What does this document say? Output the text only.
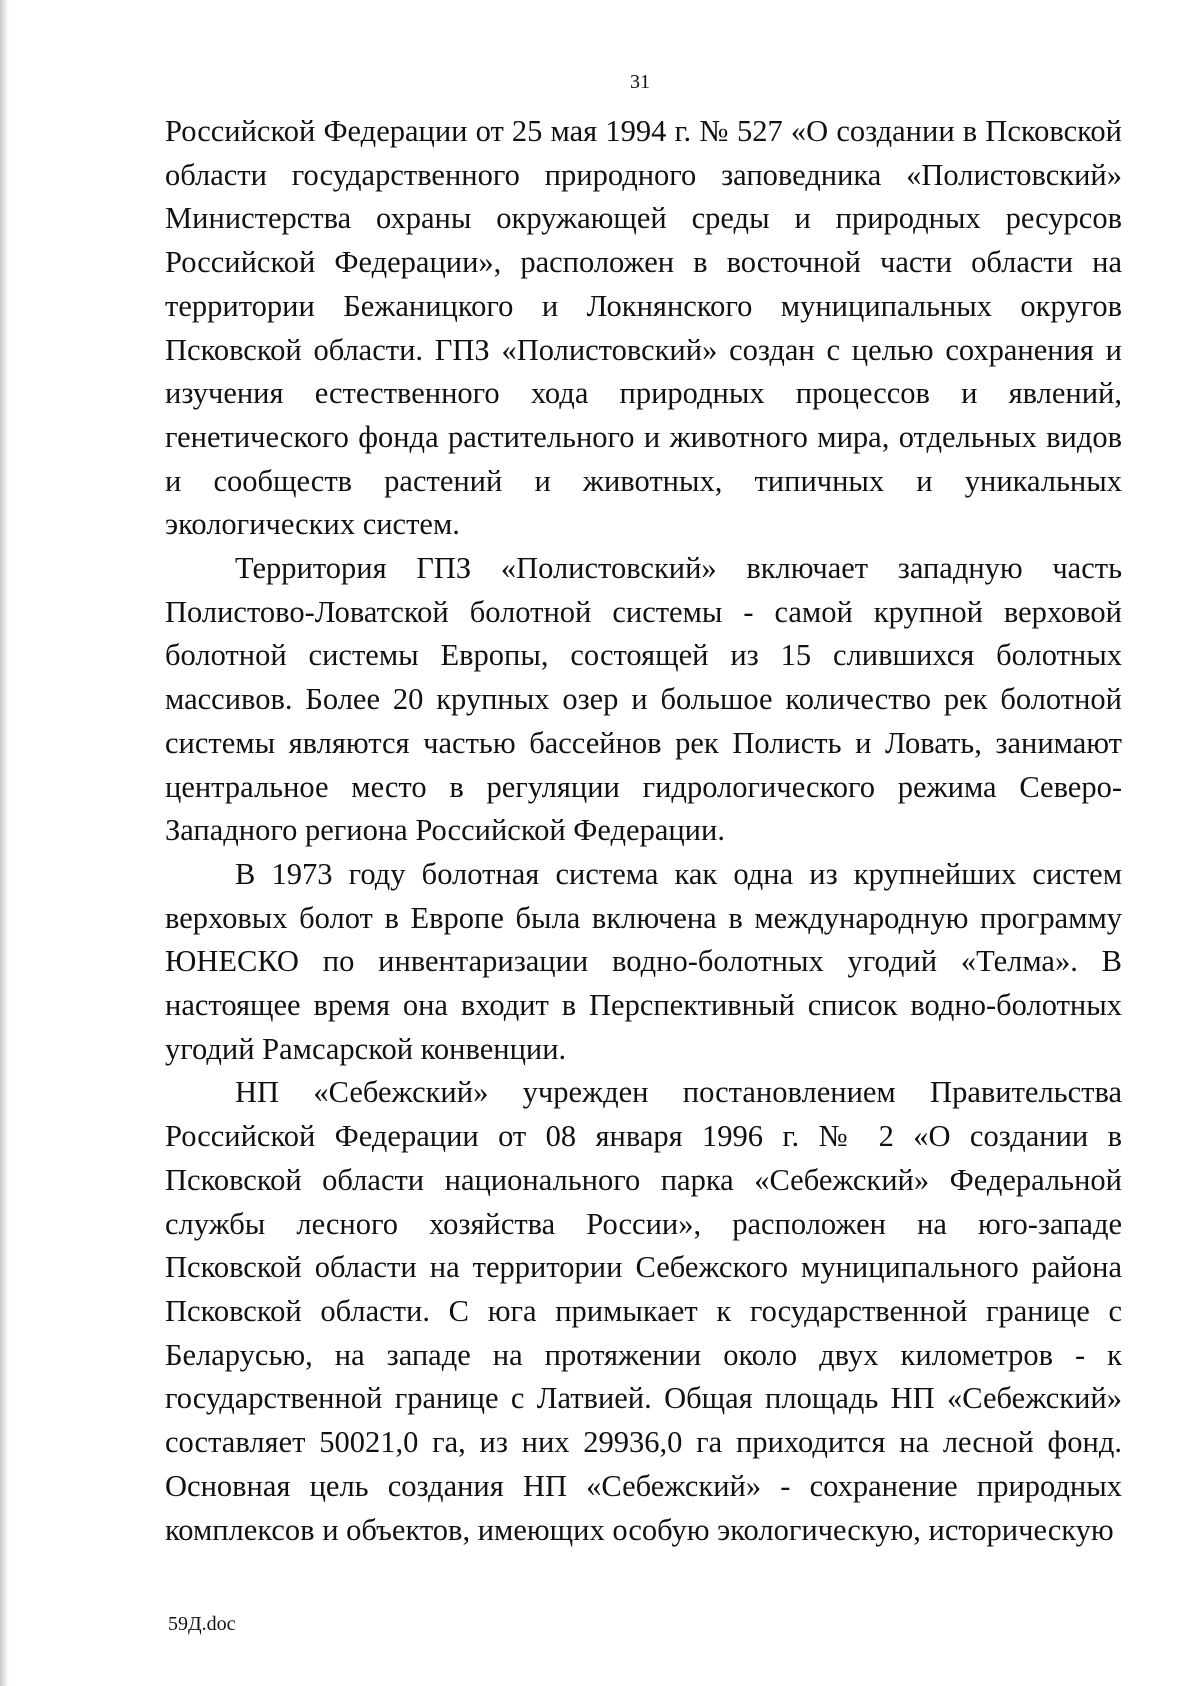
31

Российской Федерации от 25 мая 1994 г. № 527 «О создании в Псковской области государственного природного заповедника «Полистовский» Министерства охраны окружающей среды и природных ресурсов Российской Федерации», расположен в восточной части области на территории Бежаницкого и Локнянского муниципальных округов Псковской области. ГПЗ «Полистовский» создан с целью сохранения и изучения естественного хода природных процессов и явлений, генетического фонда растительного и животного мира, отдельных видов и сообществ растений и животных, типичных и уникальных экологических систем.

Территория ГПЗ «Полистовский» включает западную часть Полистово-Ловатской болотной системы - самой крупной верховой болотной системы Европы, состоящей из 15 слившихся болотных массивов. Более 20 крупных озер и большое количество рек болотной системы являются частью бассейнов рек Полисть и Ловать, занимают центральное место в регуляции гидрологического режима Северо-Западного региона Российской Федерации.

В 1973 году болотная система как одна из крупнейших систем верховых болот в Европе была включена в международную программу ЮНЕСКО по инвентаризации водно-болотных угодий «Телма». В настоящее время она входит в Перспективный список водно-болотных угодий Рамсарской конвенции.

НП «Себежский» учрежден постановлением Правительства Российской Федерации от 08 января 1996 г. № 2 «О создании в Псковской области национального парка «Себежский» Федеральной службы лесного хозяйства России», расположен на юго-западе Псковской области на территории Себежского муниципального района Псковской области. С юга примыкает к государственной границе с Беларусью, на западе на протяжении около двух километров - к государственной границе с Латвией. Общая площадь НП «Себежский» составляет 50021,0 га, из них 29936,0 га приходится на лесной фонд. Основная цель создания НП «Себежский» - сохранение природных комплексов и объектов, имеющих особую экологическую, историческую

59Д.doc
